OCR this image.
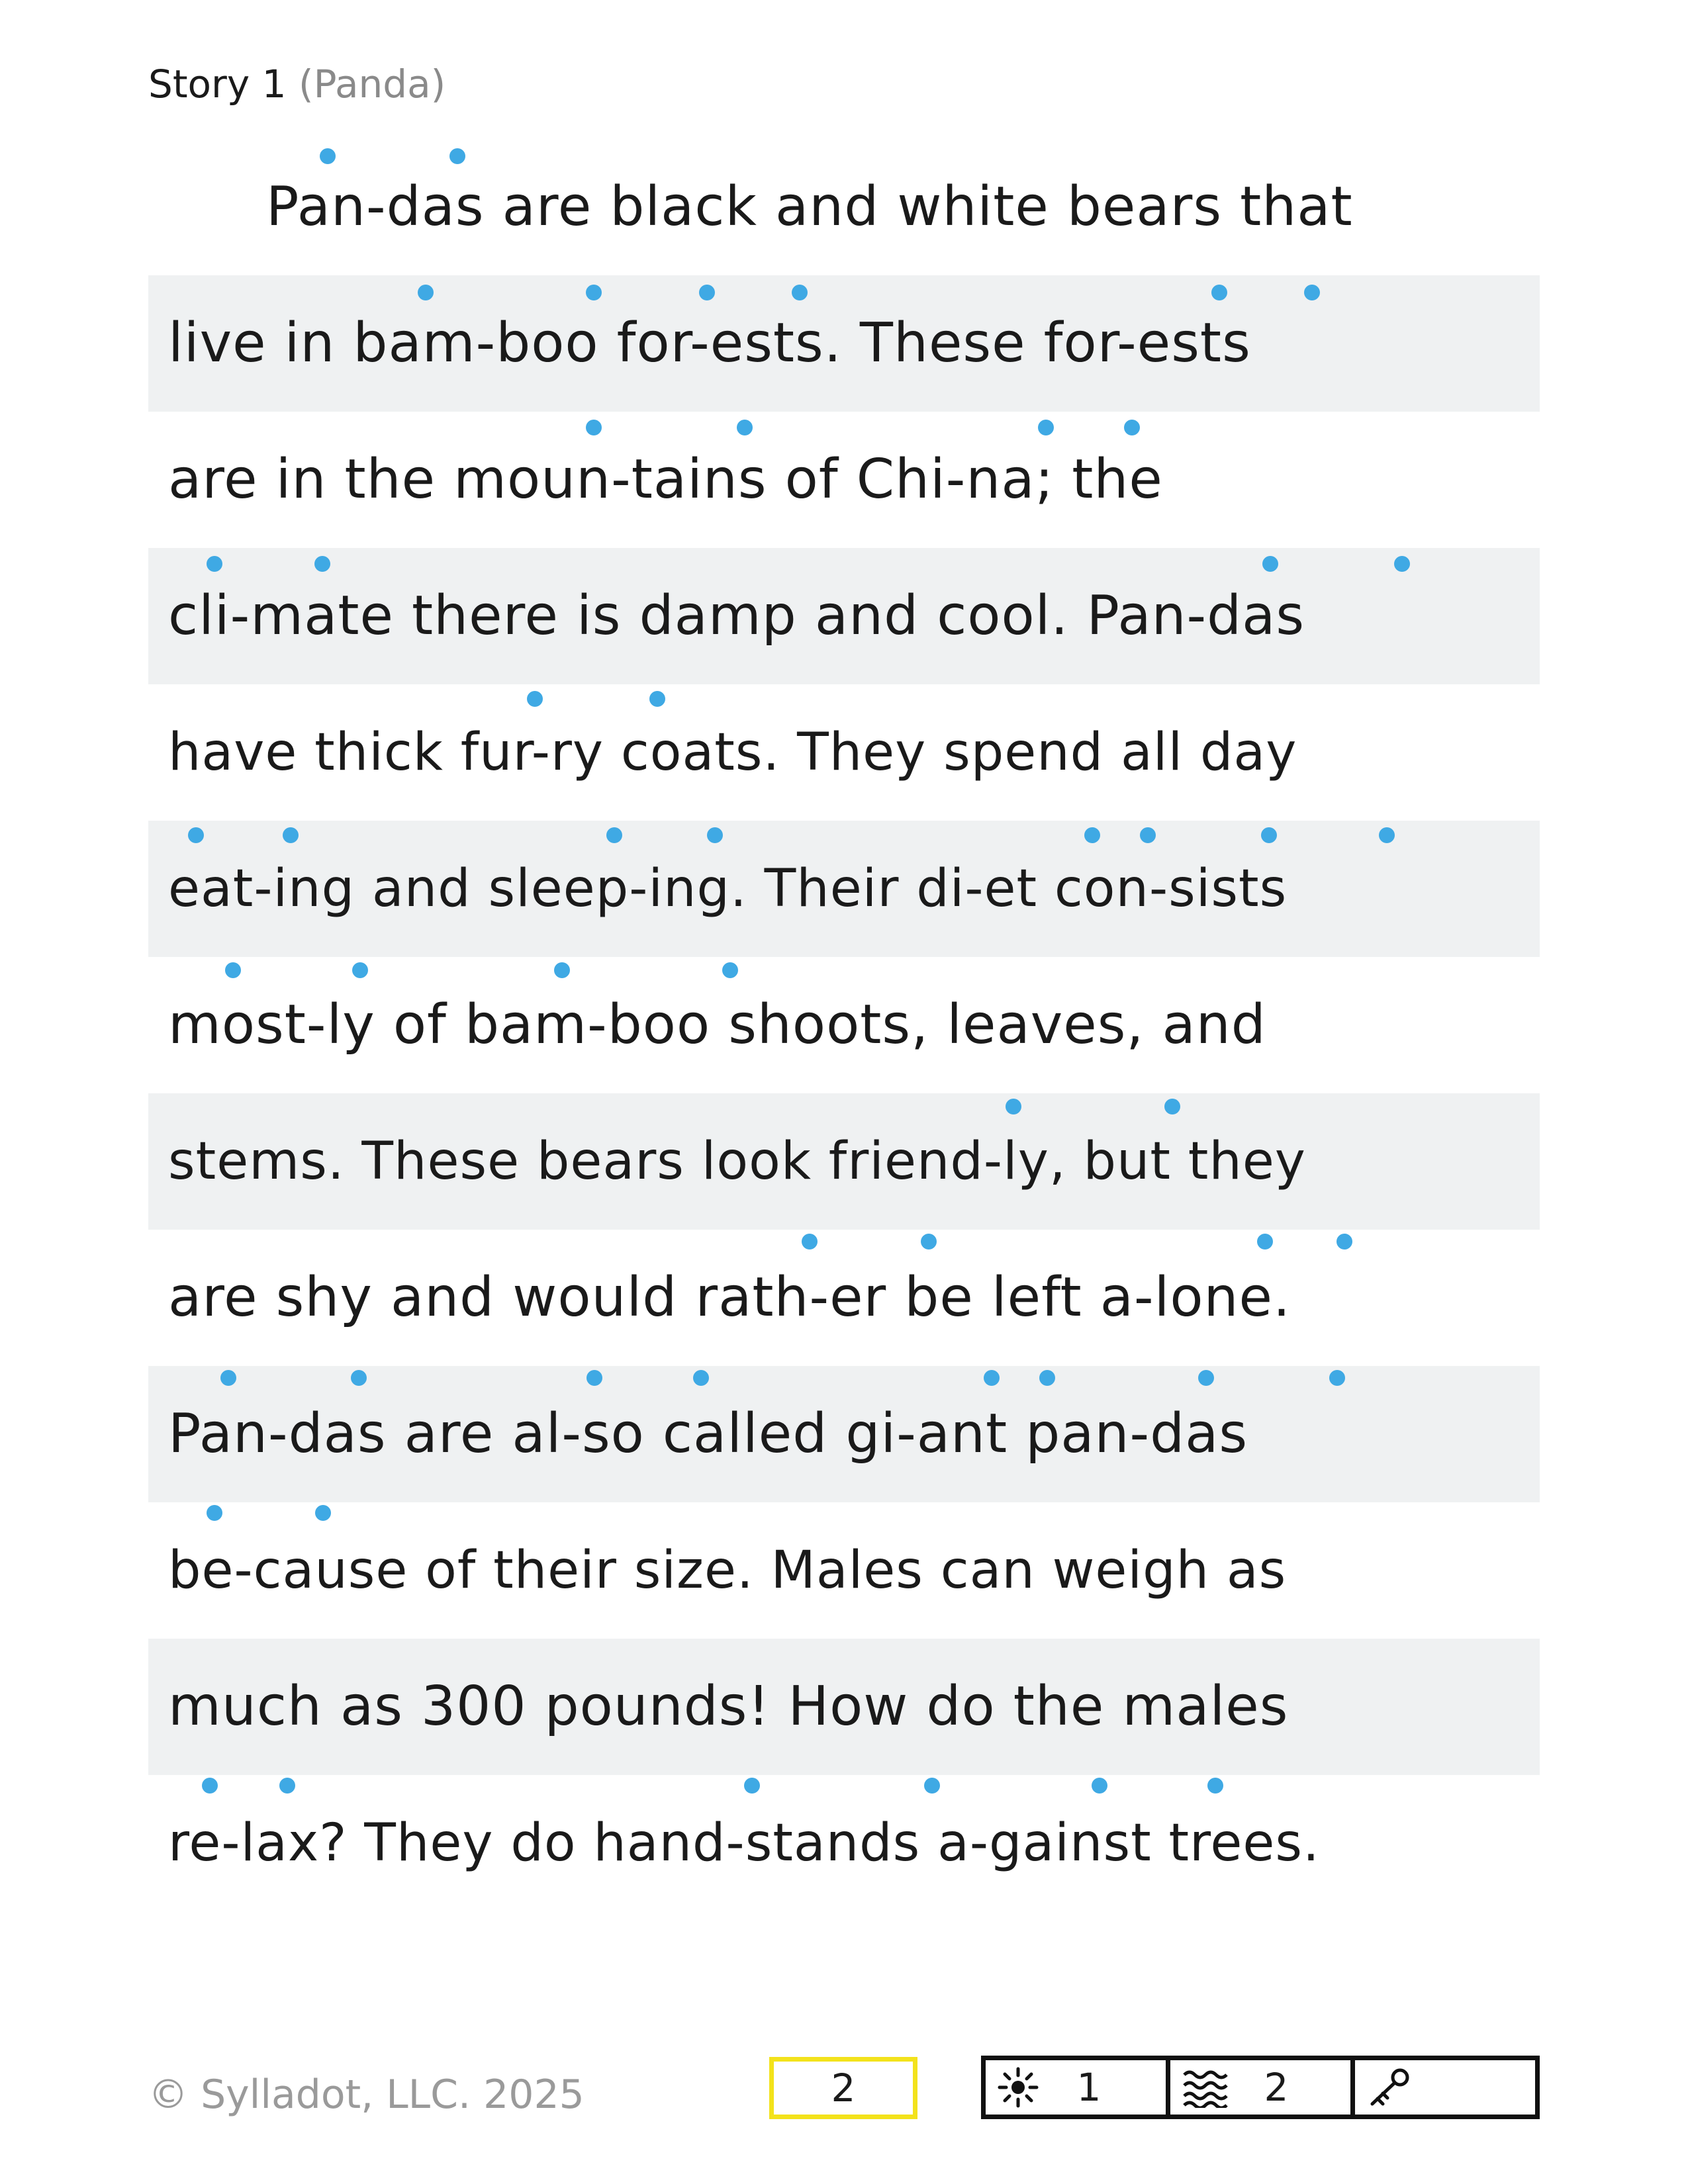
Story 1 (Panda)
Pan-das are black and white bears that
live in bam-boo for-ests. These for-ests
are in the moun-tains of Chi-na; the
cli-mate there is damp and cool. Pan-das
have thick fur-ry coats. They spend all day
eat-ing and sleep-ing. Their di-et con-sists
most-ly of bam-boo shoots, leaves, and
stems. These bears look friend-ly, but they
are shy and would rath-er be left a-lone.
Pan-das are al-so called gi-ant pan-das
be-cause of their size. Males can weigh as
much as 300 pounds! How do the males
re-lax? They do hand-stands a-gainst trees.
© Sylladot, LLC. 2025	2	1	2
